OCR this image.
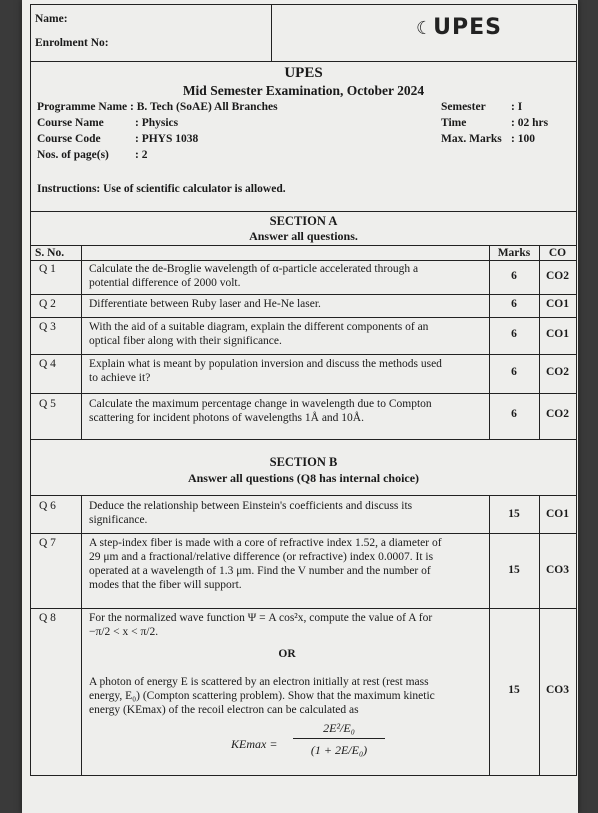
Name:
Enrolment No:
☾UPES
UPES
Mid Semester Examination, October 2024
Programme Name : B. Tech (SoAE) All Branches
Course Name	: Physics
Course Code	: PHYS 1038
Nos. of page(s) : 2
Semester : I
Time	: 02 hrs
Max. Marks : 100
Instructions: Use of scientific calculator is allowed.
SECTION A
Answer all questions.
S. No.	Marks	CO
Q 1	Calculate the de-Broglie wavelength of α-particle accelerated through a
potential difference of 2000 volt.
6	CO2
Q 2	Differentiate between Ruby laser and He-Ne laser.	6	CO1
Q 3	With the aid of a suitable diagram, explain the different components of an
optical fiber along with their significance.
6	CO1
Q 4	Explain what is meant by population inversion and discuss the methods used
to achieve it?	6	CO2
Q 5	Calculate the maximum percentage change in wavelength due to Compton
scattering for incident photons of wavelengths 1Å and 10Å.	6	CO2
SECTION B
Answer all questions (Q8 has internal choice)
Q 6	Deduce the relationship between Einstein's coefficients and discuss its
significance.	15	CO1
Q 7	A step-index fiber is made with a core of refractive index 1.52, a diameter of
29 μm and a fractional/relative difference (or refractive) index 0.0007. It is
operated at a wavelength of 1.3 μm. Find the V number and the number of
modes that the fiber will support.
15	CO3
Q 8	For the normalized wave function Ψ = A cos²x, compute the value of A for
−π/2 < x < π/2.
OR
A photon of energy E is scattered by an electron initially at rest (rest mass
energy, E₀) (Compton scattering problem). Show that the maximum kinetic
energy (KEmax) of the recoil electron can be calculated as
15	CO3
KEmax =
2E²/E₀
(1 + 2E/E₀)
